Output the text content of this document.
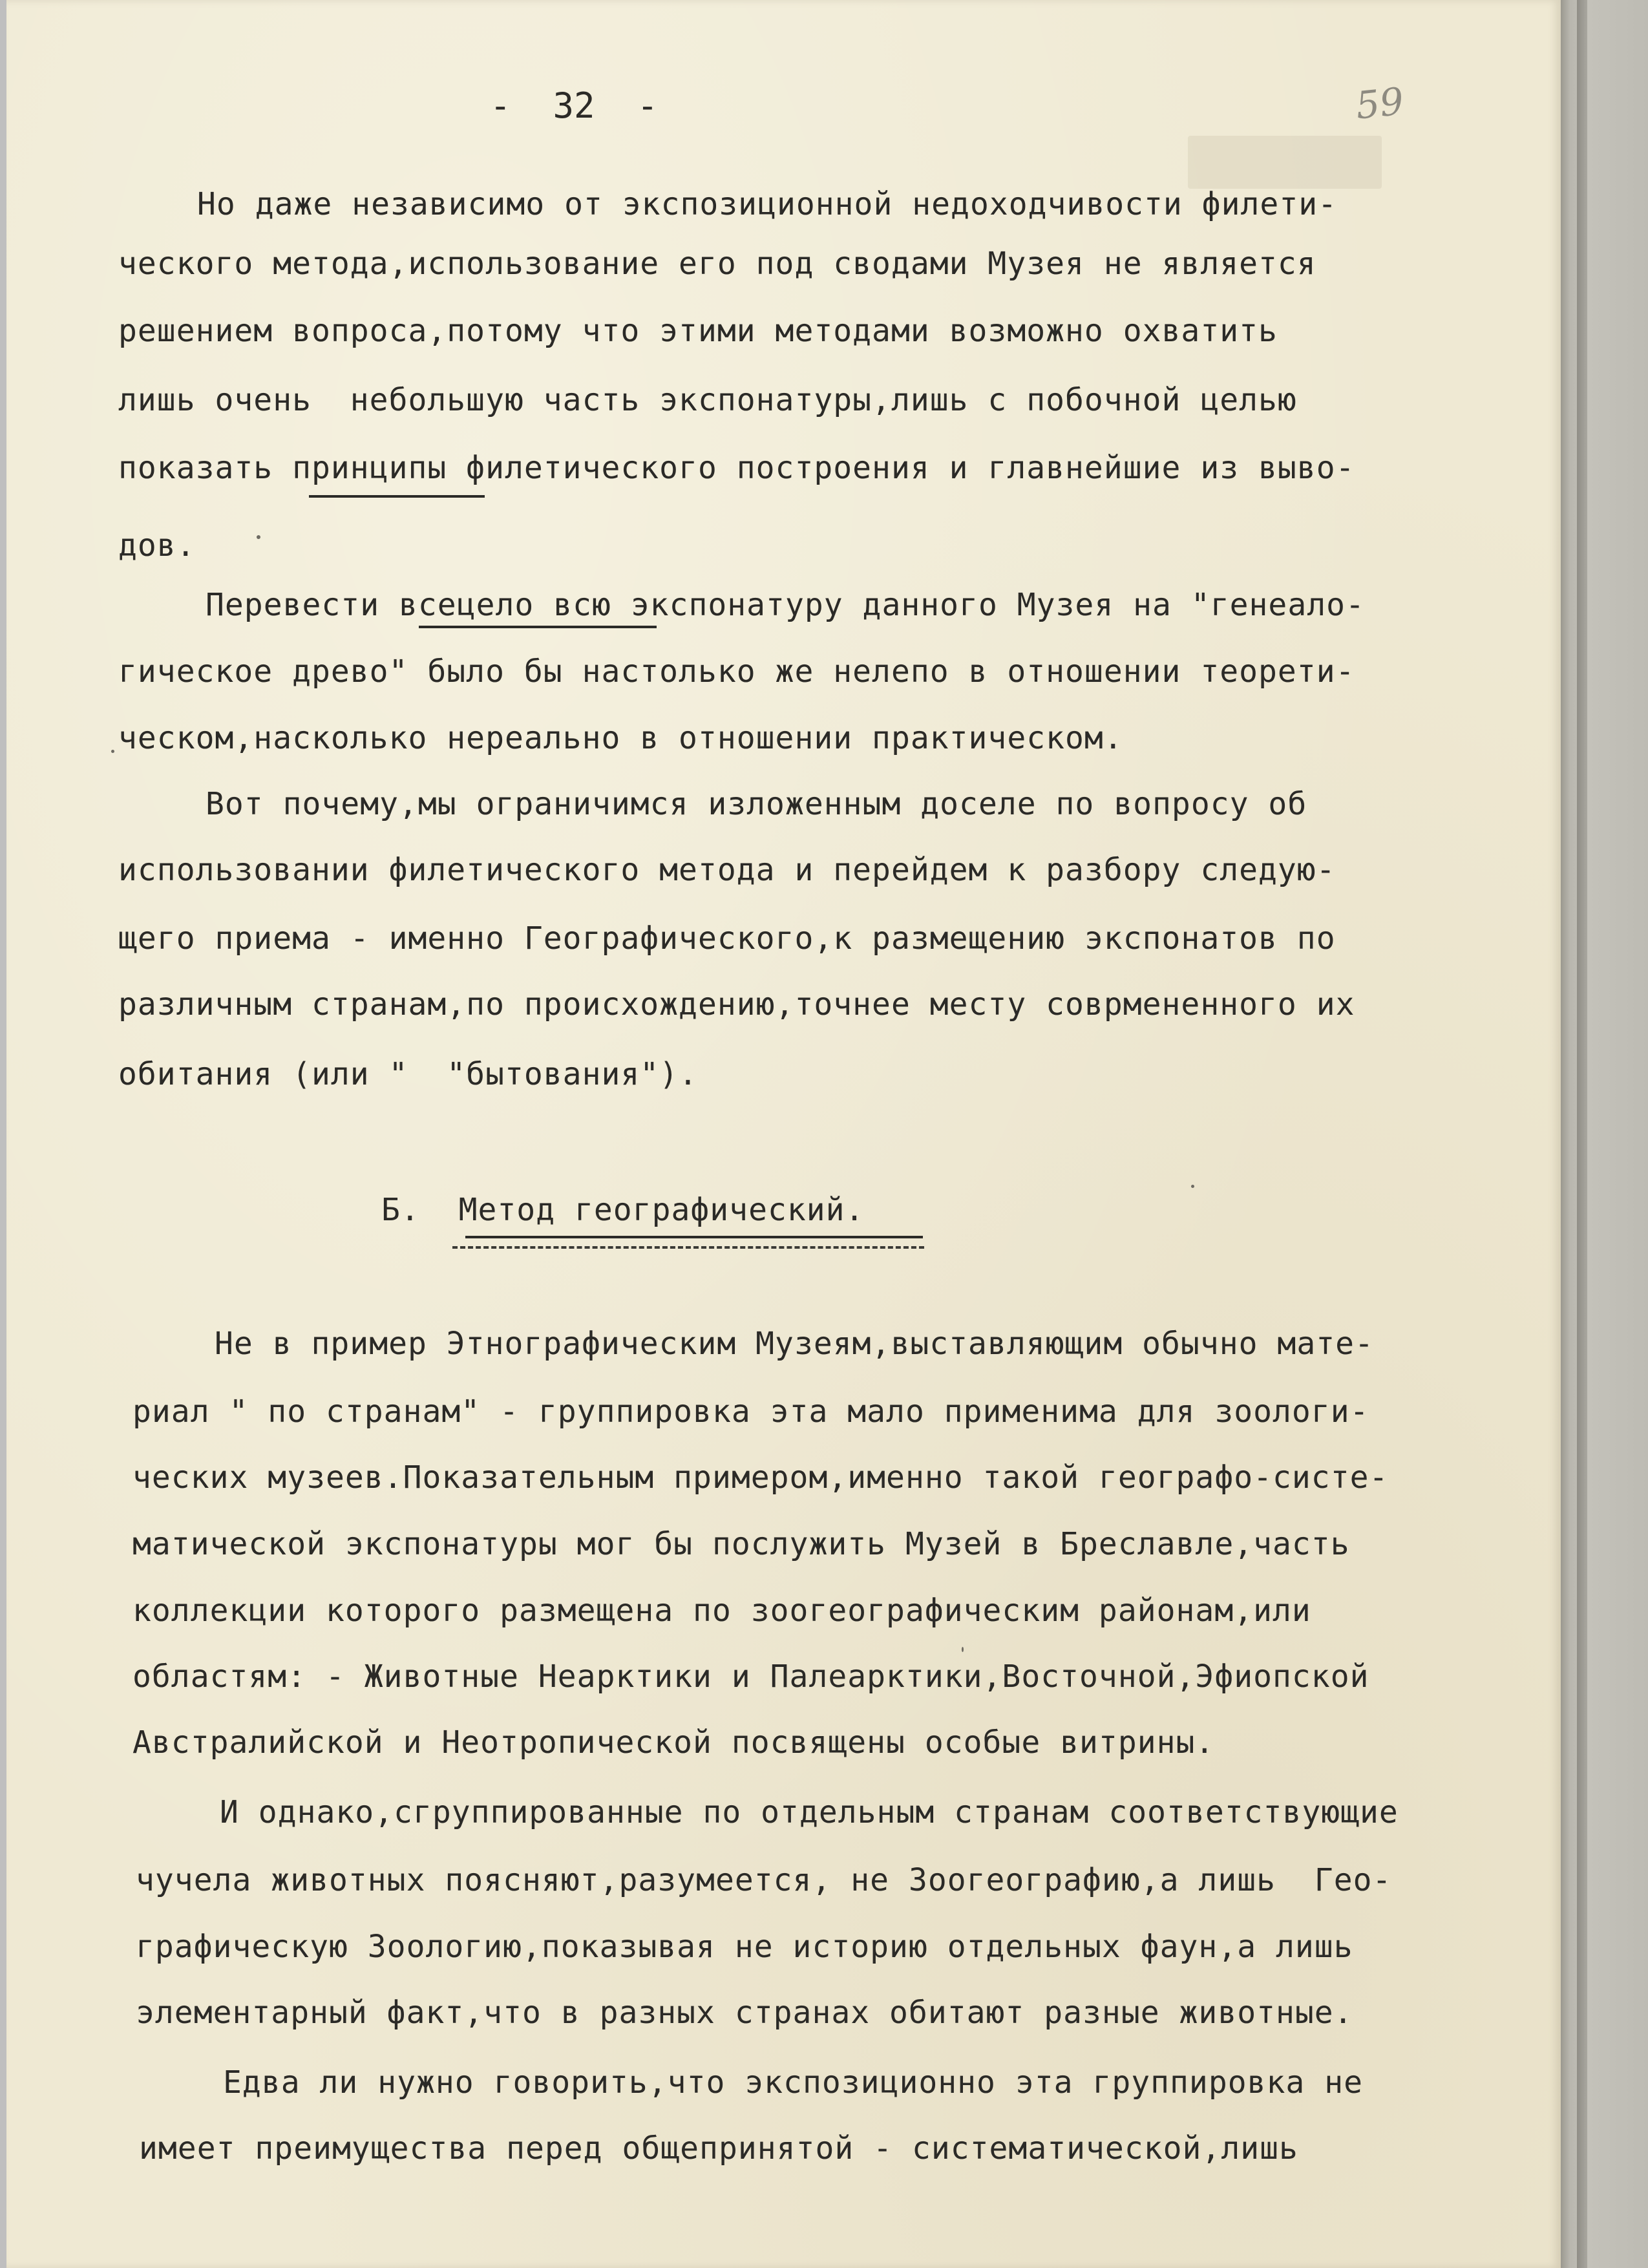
-  32  -	59
Но даже независимо от экспозиционной недоходчивости филети-
ческого метода,использование его под сводами Музея не является
решением вопроса,потому что этими методами возможно охватить
лишь очень  небольшую часть экспонатуры,лишь с побочной целью
показать принципы филетического построения и главнейшие из выво-
дов.
Перевести всецело всю экспонатуру данного Музея на "генеало-
гическое древо" было бы настолько же нелепо в отношении теорети-
ческом,насколько нереально в отношении практическом.
Вот почему,мы ограничимся изложенным доселе по вопросу об
использовании филетического метода и перейдем к разбору следую-
щего приема - именно Географического,к размещению экспонатов по
различным странам,по происхождению,точнее месту соврмененного их
обитания (или "  "бытования").
Б.  Метод географический.
Не в пример Этнографическим Музеям,выставляющим обычно мате-
риал " по странам" - группировка эта мало применима для зоологи-
ческих музеев.Показательным примером,именно такой географо-систе-
матической экспонатуры мог бы послужить Музей в Бреславле,часть
коллекции которого размещена по зоогеографическим районам,или
областям: - Животные Неарктики и Палеарктики,Восточной,Эфиопской
Австралийской и Неотропической посвящены особые витрины.
И однако,сгруппированные по отдельным странам соответствующие
чучела животных поясняют,разумеется, не Зоогеографию,а лишь  Гео-
графическую Зоологию,показывая не историю отдельных фаун,а лишь
элементарный факт,что в разных странах обитают разные животные.
Едва ли нужно говорить,что экспозиционно эта группировка не
имеет преимущества перед общепринятой - систематической,лишь
